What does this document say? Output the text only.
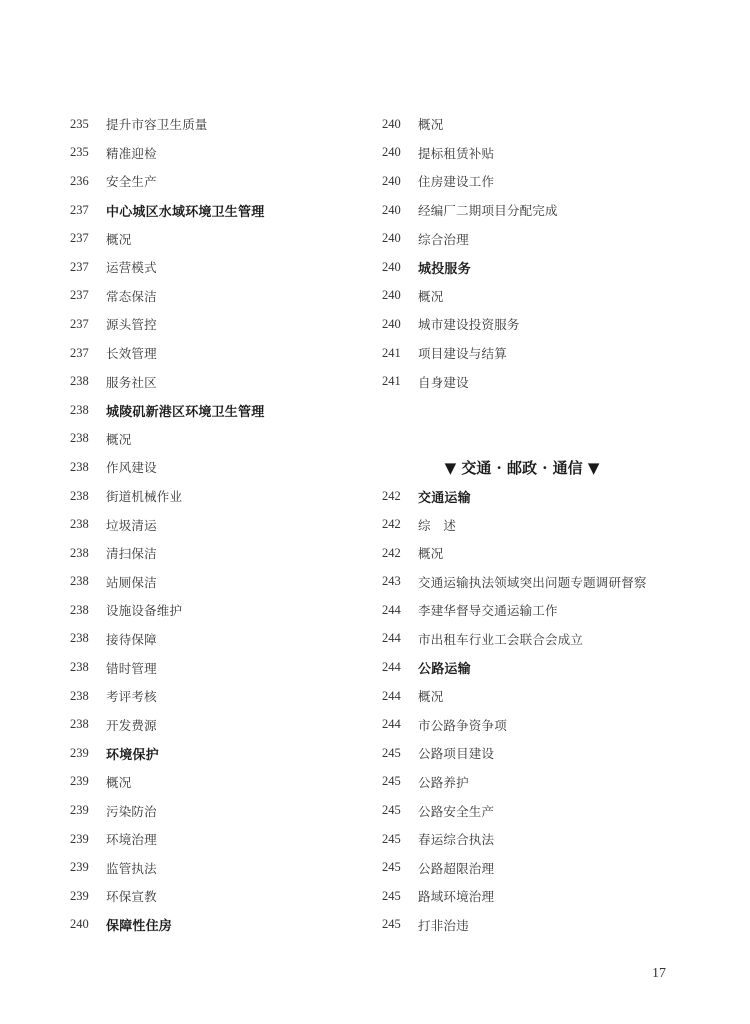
235	提升市容卫生质量
235	精准迎检
236	安全生产
237	中心城区水域环境卫生管理
237	概况
237	运营模式
237	常态保洁
237	源头管控
237	长效管理
238	服务社区
238	城陵矶新港区环境卫生管理
238	概况
238	作风建设
238	街道机械作业
238	垃圾清运
238	清扫保洁
238	站厕保洁
238	设施设备维护
238	接待保障
238	错时管理
238	考评考核
238	开发费源
239	环境保护
239	概况
239	污染防治
239	环境治理
239	监管执法
239	环保宣教
240	保障性住房
240	概况
240	提标租赁补贴
240	住房建设工作
240	经编厂二期项目分配完成
240	综合治理
240	城投服务
240	概况
240	城市建设投资服务
241	项目建设与结算
241	自身建设
▼ 交通 · 邮政 · 通信 ▼
242	交通运输
242	综　述
242	概况
243	交通运输执法领域突出问题专题调研督察
244	李建华督导交通运输工作
244	市出租车行业工会联合会成立
244	公路运输
244	概况
244	市公路争资争项
245	公路项目建设
245	公路养护
245	公路安全生产
245	春运综合执法
245	公路超限治理
245	路域环境治理
245	打非治违
17
